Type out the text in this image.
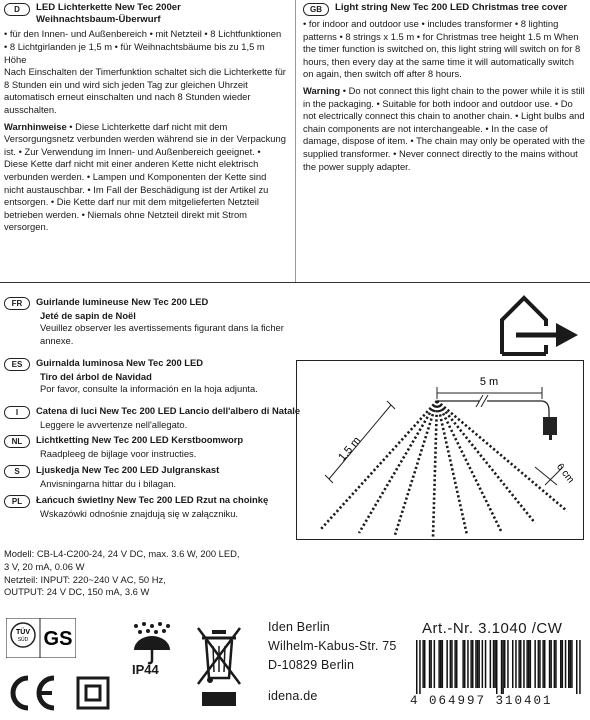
D	LED Lichterkette New Tec 200er Weihnachtsbaum-Überwurf

• für den Innen- und Außenbereich • mit Netzteil • 8 Lichtfunktionen • 8 Lichtgirlanden je 1,5 m • für Weihnachtsbäume bis zu 1,5 m Höhe

Nach Einschalten der Timerfunktion schaltet sich die Lichterkette für 8 Stunden ein und wird sich jeden Tag zur gleichen Uhrzeit automatisch erneut einschalten und nach 8 Stunden wieder ausschalten.

Warnhinweise • Diese Lichterkette darf nicht mit dem Versorgungsnetz verbunden werden während sie in der Verpackung ist. • Zur Verwendung im Innen- und Außenbereich geeignet. • Diese Kette darf nicht mit einer anderen Kette nicht elektrisch verbunden werden. • Lampen und Komponenten der Kette sind nicht austauschbar. • Im Fall der Beschädigung ist der Artikel zu entsorgen. • Die Kette darf nur mit dem mitgelieferten Netzteil betrieben werden. • Niemals ohne Netzteil direkt mit Strom versorgen.

GB	Light string New Tec 200 LED Christmas tree cover

• for indoor and outdoor use • includes transformer • 8 lighting patterns • 8 strings x 1.5 m • for Christmas tree height 1.5 m When the timer function is switched on, this light string will switch on for 8 hours, then every day at the same time it will automatically switch on again, then switch off after 8 hours.

Warning • Do not connect this light chain to the power while it is still in the packaging. • Suitable for both indoor and outdoor use. • Do not electrically connect this chain to another chain. • Light bulbs and chain components are not interchangeable. • In the case of damage, dispose of item. • The chain may only be operated with the supplied transformer. • Never connect directly to the mains without the power supply adapter.

FR	Guirlande lumineuse New Tec 200 LED
Jeté de sapin de Noël
Veuillez observer les avertissements figurant dans la ficher annexe.
ES	Guirnalda luminosa New Tec 200 LED
Tiro del árbol de Navidad
Por favor, consulte la información en la hoja adjunta.
I	Catena di luci New Tec 200 LED Lancio dell'albero di Natale
Leggere le avvertenze nell'allegato.
NL	Lichtketting New Tec 200 LED Kerstboomworp
Raadpleeg de bijlage voor instructies.
S	Ljuskedja New Tec 200 LED Julgranskast
Anvisningarna hittar du i bilagan.
PL	Łańcuch świetlny New Tec 200 LED Rzut na choinkę
Wskazówki odnośnie znajdują się w załączniku.
5 m
1.5 m
6 cm
Modell: CB-L4-C200-24, 24 V DC, max. 3.6 W, 200 LED,
3 V, 20 mA, 0.06 W
Netzteil: INPUT: 220~240 V AC, 50 Hz,
OUTPUT: 24 V DC, 150 mA, 3.6 W
TÜV
SÜD GS
IP44
Iden Berlin
Wilhelm-Kabus-Str. 75
D-10829 Berlin
idena.de
Art.-Nr. 3.1040 /CW
4 064997 310401
